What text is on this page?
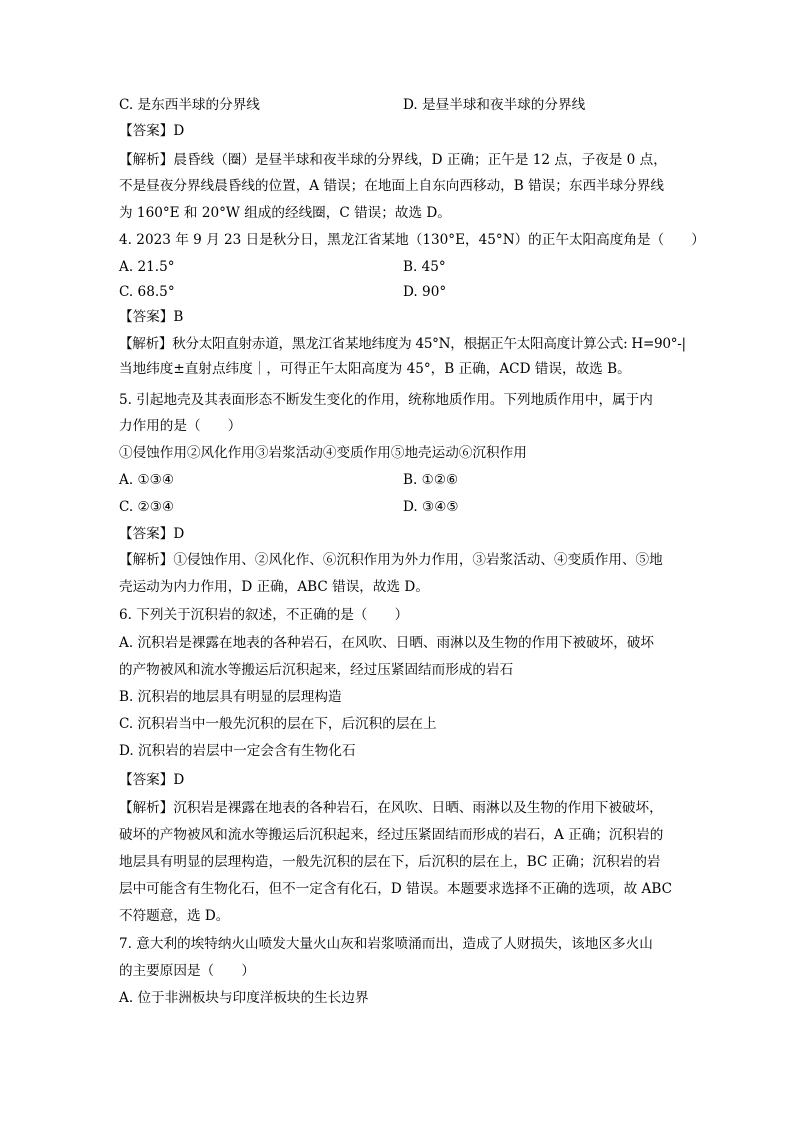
C. 是东西半球的分界线	D. 是昼半球和夜半球的分界线
【答案】D
【解析】晨昏线（圈）是昼半球和夜半球的分界线，D 正确；正午是 12 点，子夜是 0 点，
不是昼夜分界线晨昏线的位置，A 错误；在地面上自东向西移动，B 错误；东西半球分界线
为 160°E 和 20°W 组成的经线圈，C 错误；故选 D。
4. 2023 年 9 月 23 日是秋分日，黑龙江省某地（130°E，45°N）的正午太阳高度角是（　　）
A. 21.5°	B. 45°
C. 68.5°	D. 90°
【答案】B
【解析】秋分太阳直射赤道，黑龙江省某地纬度为 45°N，根据正午太阳高度计算公式: H=90°-|
当地纬度±直射点纬度｜，可得正午太阳高度为 45°，B 正确，ACD 错误，故选 B。
5. 引起地壳及其表面形态不断发生变化的作用，统称地质作用。下列地质作用中，属于内
力作用的是（　　）
①侵蚀作用②风化作用③岩浆活动④变质作用⑤地壳运动⑥沉积作用
A. ①③④	B. ①②⑥
C. ②③④	D. ③④⑤
【答案】D
【解析】①侵蚀作用、②风化作、⑥沉积作用为外力作用，③岩浆活动、④变质作用、⑤地
壳运动为内力作用，D 正确，ABC 错误，故选 D。
6. 下列关于沉积岩的叙述，不正确的是（　　）
A. 沉积岩是裸露在地表的各种岩石，在风吹、日晒、雨淋以及生物的作用下被破坏，破坏
的产物被风和流水等搬运后沉积起来，经过压紧固结而形成的岩石
B. 沉积岩的地层具有明显的层理构造
C. 沉积岩当中一般先沉积的层在下，后沉积的层在上
D. 沉积岩的岩层中一定会含有生物化石
【答案】D
【解析】沉积岩是裸露在地表的各种岩石，在风吹、日晒、雨淋以及生物的作用下被破坏，
破坏的产物被风和流水等搬运后沉积起来，经过压紧固结而形成的岩石，A 正确；沉积岩的
地层具有明显的层理构造，一般先沉积的层在下，后沉积的层在上，BC 正确；沉积岩的岩
层中可能含有生物化石，但不一定含有化石，D 错误。本题要求选择不正确的选项，故 ABC
不符题意，选 D。
7. 意大利的埃特纳火山喷发大量火山灰和岩浆喷涌而出，造成了人财损失，该地区多火山
的主要原因是（　　）
A. 位于非洲板块与印度洋板块的生长边界
